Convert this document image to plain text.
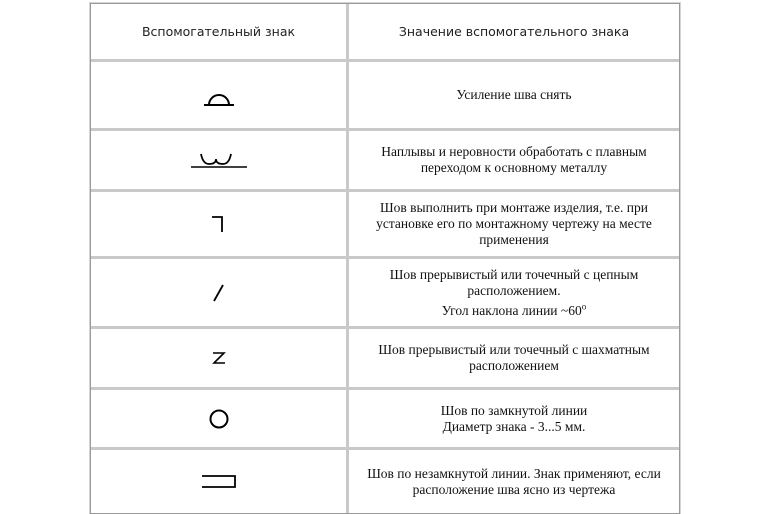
Вспомогательный знак	Значение вспомогательного знака
Усиление шва снять
Наплывы и неровности обработать с плавным
переходом к основному металлу
Шов выполнить при монтаже изделия, т.е. при
установке его по монтажному чертежу на месте
применения
Шов прерывистый или точечный с цепным
расположением.
Угол наклона линии ~60$^o$
Шов прерывистый или точечный с шахматным
расположением
Шов по замкнутой линии
Диаметр знака - 3...5 мм.
Шов по незамкнутой линии. Знак применяют, если
расположение шва ясно из чертежа
